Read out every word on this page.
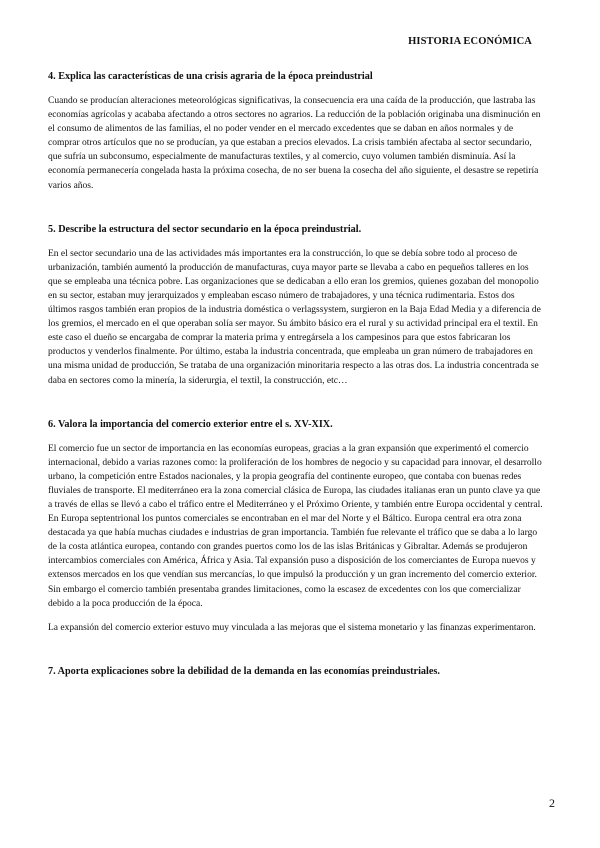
HISTORIA ECONÓMICA
4. Explica las características de una crisis agraria de la época preindustrial

Cuando se producían alteraciones meteorológicas significativas, la consecuencia era una caída de la producción, que lastraba las economías agrícolas y acababa afectando a otros sectores no agrarios. La reducción de la población originaba una disminución en el consumo de alimentos de las familias, el no poder vender en el mercado excedentes que se daban en años normales y de comprar otros artículos que no se producían, ya que estaban a precios elevados. La crisis también afectaba al sector secundario, que sufría un subconsumo, especialmente de manufacturas textiles, y al comercio, cuyo volumen también disminuía. Así la economía permanecería congelada hasta la próxima cosecha, de no ser buena la cosecha del año siguiente, el desastre se repetiría varios años.

5. Describe la estructura del sector secundario en la época preindustrial.

En el sector secundario una de las actividades más importantes era la construcción, lo que se debía sobre todo al proceso de urbanización, también aumentó la producción de manufacturas, cuya mayor parte se llevaba a cabo en pequeños talleres en los que se empleaba una técnica pobre. Las organizaciones que se dedicaban a ello eran los gremios, quienes gozaban del monopolio en su sector, estaban muy jerarquizados y empleaban escaso número de trabajadores, y una técnica rudimentaria. Estos dos últimos rasgos también eran propios de la industria doméstica o verlagssystem, surgieron en la Baja Edad Media y a diferencia de los gremios, el mercado en el que operaban solía ser mayor. Su ámbito básico era el rural y su actividad principal era el textil. En este caso el dueño se encargaba de comprar la materia prima y entregársela a los campesinos para que estos fabricaran los productos y venderlos finalmente. Por último, estaba la industria concentrada, que empleaba un gran número de trabajadores en una misma unidad de producción, Se trataba de una organización minoritaria respecto a las otras dos. La industria concentrada se daba en sectores como la minería, la siderurgia, el textil, la construcción, etc…

6. Valora la importancia del comercio exterior entre el s. XV-XIX.

El comercio fue un sector de importancia en las economías europeas, gracias a la gran expansión que experimentó el comercio internacional, debido a varias razones como: la proliferación de los hombres de negocio y su capacidad para innovar, el desarrollo urbano, la competición entre Estados nacionales, y la propia geografía del continente europeo, que contaba con buenas redes fluviales de transporte. El mediterráneo era la zona comercial clásica de Europa, las ciudades italianas eran un punto clave ya que a través de ellas se llevó a cabo el tráfico entre el Mediterráneo y el Próximo Oriente, y también entre Europa occidental y central. En Europa septentrional los puntos comerciales se encontraban en el mar del Norte y el Báltico. Europa central era otra zona destacada ya que había muchas ciudades e industrias de gran importancia. También fue relevante el tráfico que se daba a lo largo de la costa atlántica europea, contando con grandes puertos como los de las islas Británicas y Gibraltar. Además se produjeron intercambios comerciales con América, África y Asia. Tal expansión puso a disposición de los comerciantes de Europa nuevos y extensos mercados en los que vendían sus mercancías, lo que impulsó la producción y un gran incremento del comercio exterior. Sin embargo el comercio también presentaba grandes limitaciones, como la escasez de excedentes con los que comercializar debido a la poca producción de la época.

La expansión del comercio exterior estuvo muy vinculada a las mejoras que el sistema monetario y las finanzas experimentaron.

7. Aporta explicaciones sobre la debilidad de la demanda en las economías preindustriales.
2
